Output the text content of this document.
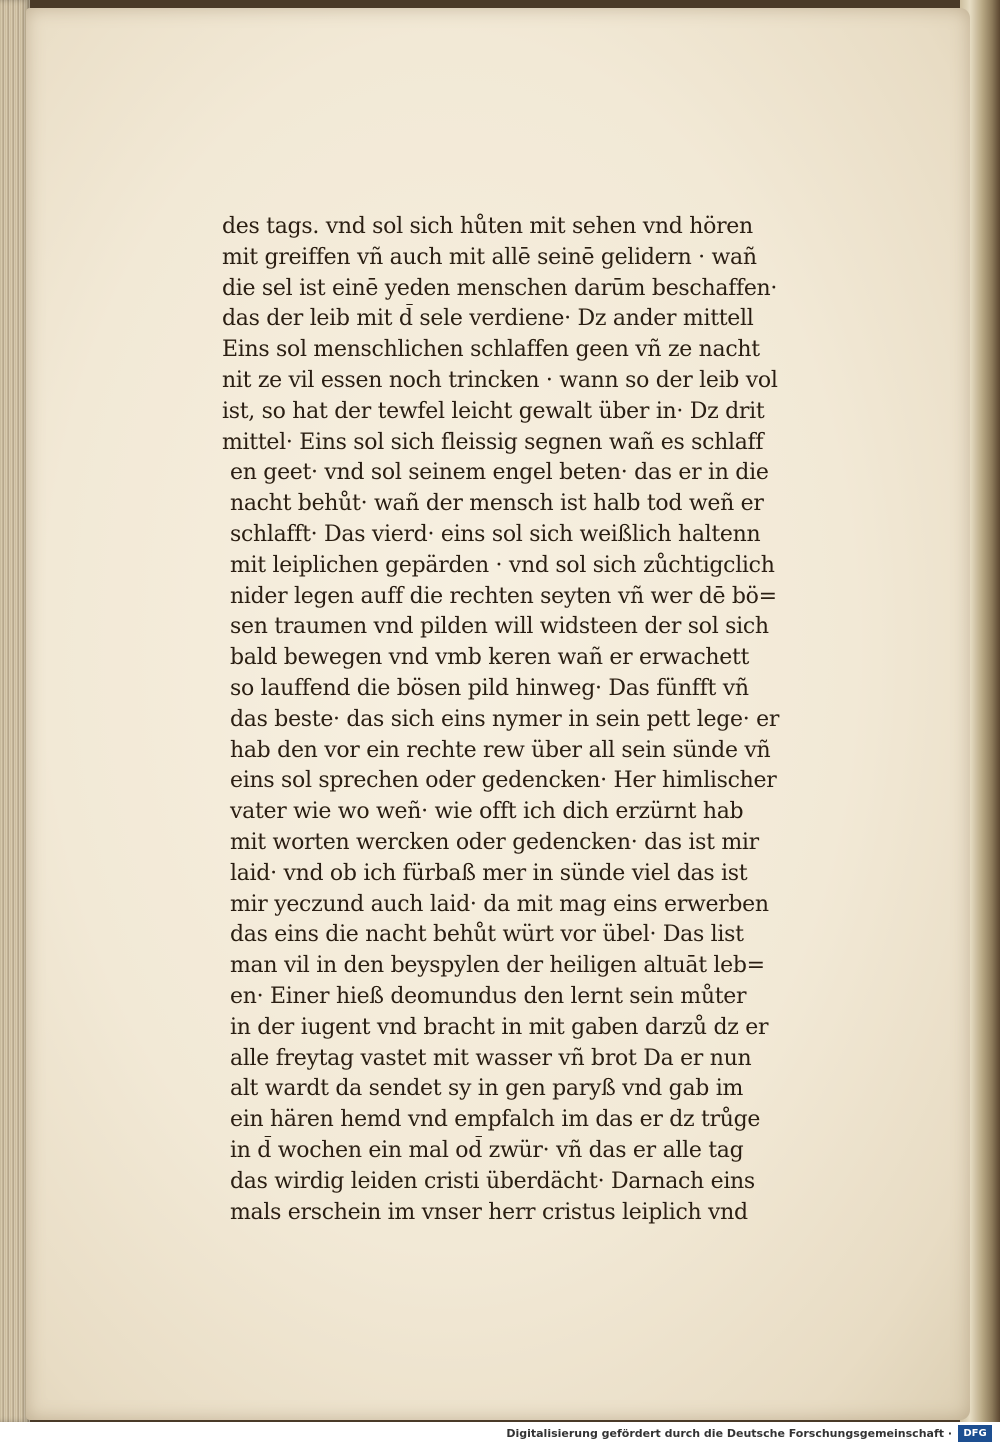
des tags. vnd sol sich hůten mit sehen vnd hören
mit greiffen vñ auch mit allē seinē gelidern · wañ
die sel ist einē yeden menschen darūm beschaffen·
das der leib mit d̄ sele verdiene· Dz ander mittell
Eins sol menschlichen schlaffen geen vñ ze nacht
nit ze vil essen noch trincken · wann so der leib vol
ist, so hat der tewfel leicht gewalt über in· Dz drit
mittel· Eins sol sich fleissig segnen wañ es schlaff
en geet· vnd sol seinem engel beten· das er in die
nacht behůt· wañ der mensch ist halb tod weñ er
schlafft· Das vierd· eins sol sich weißlich haltenn
mit leiplichen gepärden · vnd sol sich zůchtigclich
nider legen auff die rechten seyten vñ wer dē bö=
sen traumen vnd pilden will widsteen der sol sich
bald bewegen vnd vmb keren wañ er erwachett
so lauffend die bösen pild hinweg· Das fünfft vñ
das beste· das sich eins nymer in sein pett lege· er
hab den vor ein rechte rew über all sein sünde vñ
eins sol sprechen oder gedencken· Her himlischer
vater wie wo weñ· wie offt ich dich erzürnt hab
mit worten wercken oder gedencken· das ist mir
laid· vnd ob ich fürbaß mer in sünde viel das ist
mir yeczund auch laid· da mit mag eins erwerben
das eins die nacht behůt würt vor übel· Das list
man vil in den beyspylen der heiligen altuāt leb=
en· Einer hieß deomundus den lernt sein můter
in der iugent vnd bracht in mit gaben darzů dz er
alle freytag vastet mit wasser vñ brot Da er nun
alt wardt da sendet sy in gen paryß vnd gab im
ein hären hemd vnd empfalch im das er dz trůge
in d̄ wochen ein mal od̄ zwür· vñ das er alle tag
das wirdig leiden cristi überdächt· Darnach eins
mals erschein im vnser herr cristus leiplich vnd
Digitalisierung gefördert durch die Deutsche Forschungsgemeinschaft ·	DFG
